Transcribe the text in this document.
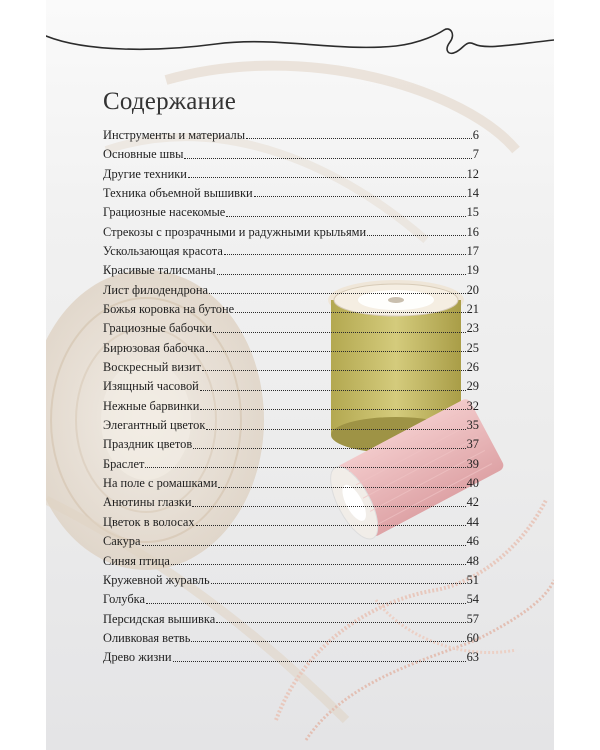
Содержание
Инструменты и материалы	6
Основные швы	7
Другие техники	12
Техника объемной вышивки	14
Грациозные насекомые	15
Стрекозы с прозрачными и радужными крыльями	16
Ускользающая красота	17
Красивые талисманы	19
Лист филодендрона	20
Божья коровка на бутоне	21
Грациозные бабочки	23
Бирюзовая бабочка	25
Воскресный визит	26
Изящный часовой	29
Нежные барвинки	32
Элегантный цветок	35
Праздник цветов	37
Браслет	39
На поле с ромашками	40
Анютины глазки	42
Цветок в волосах	44
Сакура	46
Синяя птица	48
Кружевной журавль	51
Голубка	54
Персидская вышивка	57
Оливковая ветвь	60
Древо жизни	63
